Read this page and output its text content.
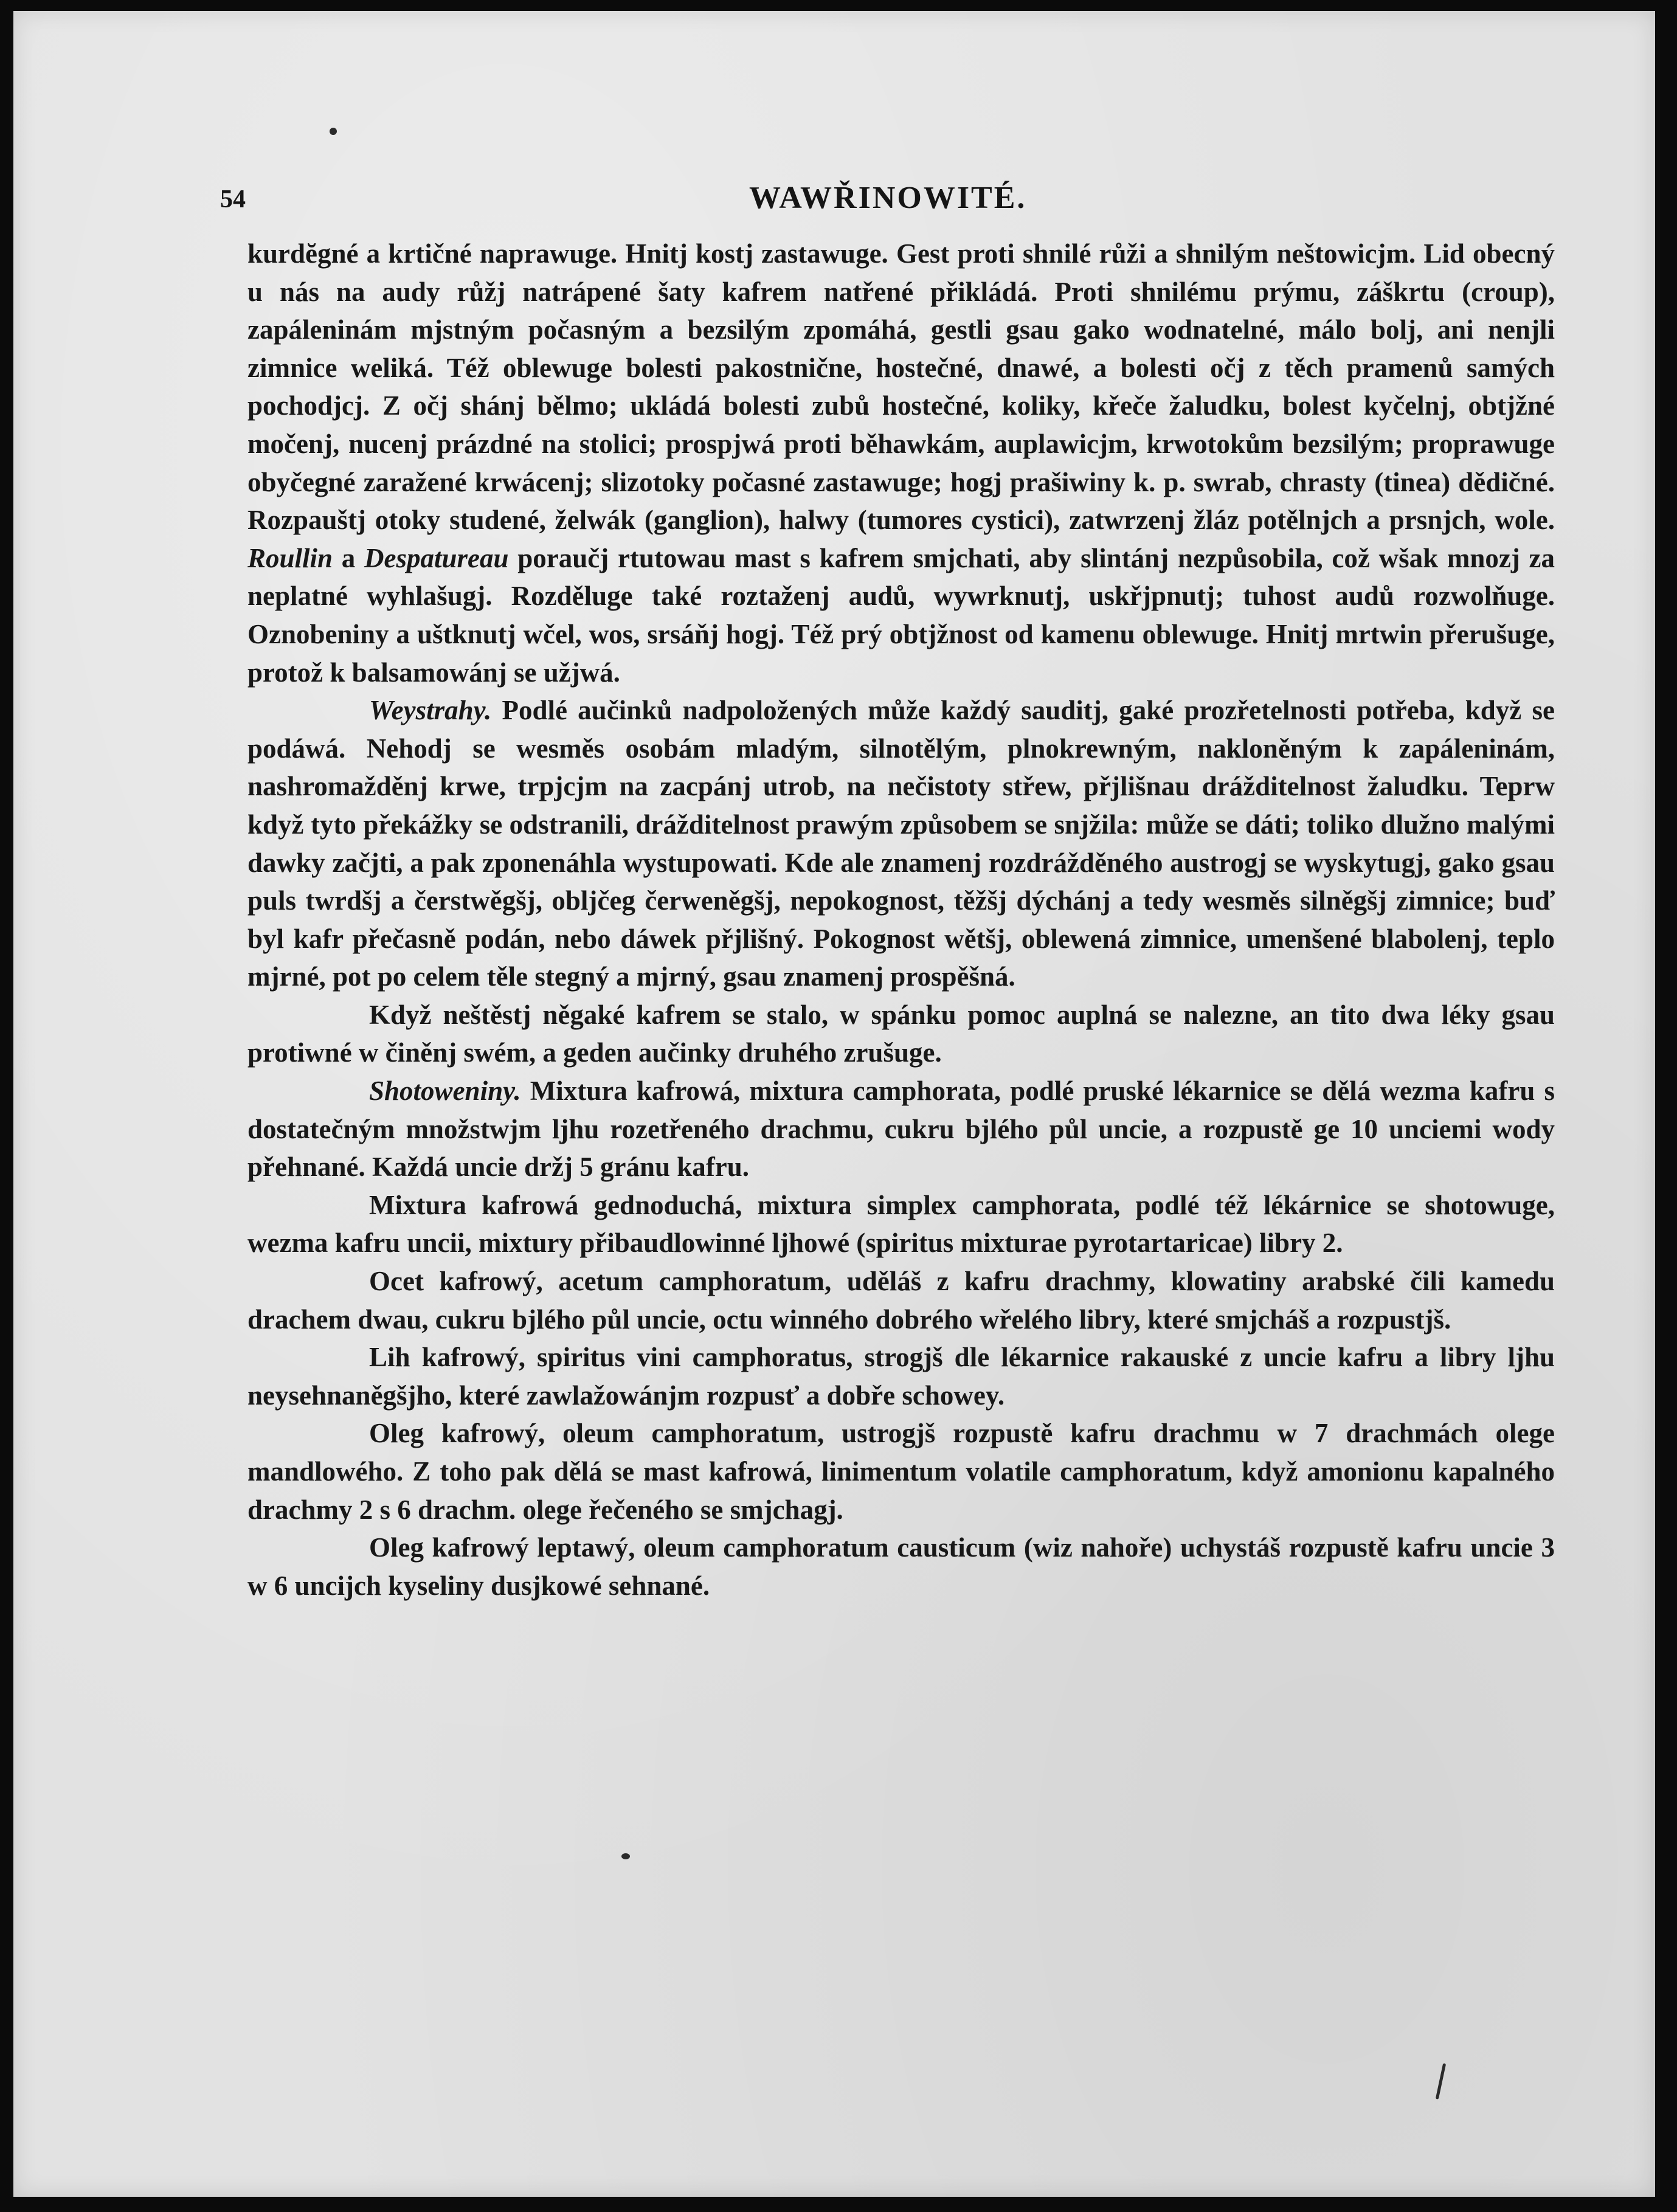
54	WAWŘINOWITÉ.

kurdĕgné a krtičné naprawuge. Hnitj kostj zastawuge. Gest proti shnilé růži a shnilým neštowicjm. Lid obecný u nás na audy růžj natrápené šaty kafrem natřené přikládá. Proti shnilému prýmu, záškrtu (croup), zapáleninám mjstným počasným a bezsilým zpomáhá, gestli gsau gako wodnatelné, málo bolj, ani nenjli zimnice weliká. Též oblewuge bolesti pakostnične, hostečné, dnawé, a bolesti očj z těch pramenů samých pochodjcj. Z očj shánj bělmo; ukládá bolesti zubů hostečné, koliky, křeče žaludku, bolest kyčelnj, obtjžné močenj, nucenj prázdné na stolici; prospjwá proti běhawkám, auplawicjm, krwotokům bezsilým; proprawuge obyčegné zaražené krwácenj; slizotoky počasné zastawuge; hogj prašiwiny k. p. swrab, chrasty (tinea) dědičné. Rozpauštj otoky studené, želwák (ganglion), halwy (tumores cystici), zatwrzenj žláz potělnjch a prsnjch, wole. Roullin a Despatureau poraučj rtutowau mast s kafrem smjchati, aby slintánj nezpůsobila, což wšak mnozj za neplatné wyhlašugj. Rozděluge také roztaženj audů, wywrknutj, uskřjpnutj; tuhost audů rozwolňuge. Oznobeniny a uštknutj wčel, wos, srsáňj hogj. Též prý obtjžnost od kamenu oblewuge. Hnitj mrtwin přerušuge, protož k balsamowánj se užjwá.

Weystrahy. Podlé aučinků nadpoložených může každý sauditj, gaké prozřetelnosti potřeba, když se podáwá. Nehodj se wesměs osobám mladým, silnotělým, plnokrewným, nakloněným k zapáleninám, nashromažděnj krwe, trpjcjm na zacpánj utrob, na nečistoty střew, přjlišnau drážditelnost žaludku. Teprw když tyto překážky se odstranili, drážditelnost prawým způsobem se snjžila: může se dáti; toliko dlužno malými dawky začjti, a pak zponenáhla wystupowati. Kde ale znamenj rozdrážděného austrogj se wyskytugj, gako gsau puls twrdšj a čerstwěgšj, obljčeg čerweněgšj, nepokognost, těžšj dýchánj a tedy wesměs silněgšj zimnice; buď byl kafr přečasně podán, nebo dáwek přjlišný. Pokognost wětšj, oblewená zimnice, umenšené blabolenj, teplo mjrné, pot po celem těle stegný a mjrný, gsau znamenj prospěšná.

Když neštěstj něgaké kafrem se stalo, w spánku pomoc auplná se nalezne, an tito dwa léky gsau protiwné w činěnj swém, a geden aučinky druhého zrušuge.

Shotoweniny. Mixtura kafrowá, mixtura camphorata, podlé pruské lékarnice se dělá wezma kafru s dostatečným množstwjm ljhu rozetřeného drachmu, cukru bjlého půl uncie, a rozpustě ge 10 unciemi wody přehnané. Každá uncie držj 5 gránu kafru.

Mixtura kafrowá gednoduchá, mixtura simplex camphorata, podlé též lékárnice se shotowuge, wezma kafru uncii, mixtury přibaudlowinné ljhowé (spiritus mixturae pyrotartaricae) libry 2.

Ocet kafrowý, acetum camphoratum, uděláš z kafru drachmy, klowatiny arabské čili kamedu drachem dwau, cukru bjlého půl uncie, octu winného dobrého wřelého libry, které smjcháš a rozpustjš.

Lih kafrowý, spiritus vini camphoratus, strogjš dle lékarnice rakauské z uncie kafru a libry ljhu neysehnaněgšjho, které zawlažowánjm rozpusť a dobře schowey.

Oleg kafrowý, oleum camphoratum, ustrogjš rozpustě kafru drachmu w 7 drachmách olege mandlowého. Z toho pak dělá se mast kafrowá, linimentum volatile camphoratum, když amonionu kapalného drachmy 2 s 6 drachm. olege řečeného se smjchagj.

Oleg kafrowý leptawý, oleum camphoratum causticum (wiz nahoře) uchystáš rozpustě kafru uncie 3 w 6 uncijch kyseliny dusjkowé sehnané.
